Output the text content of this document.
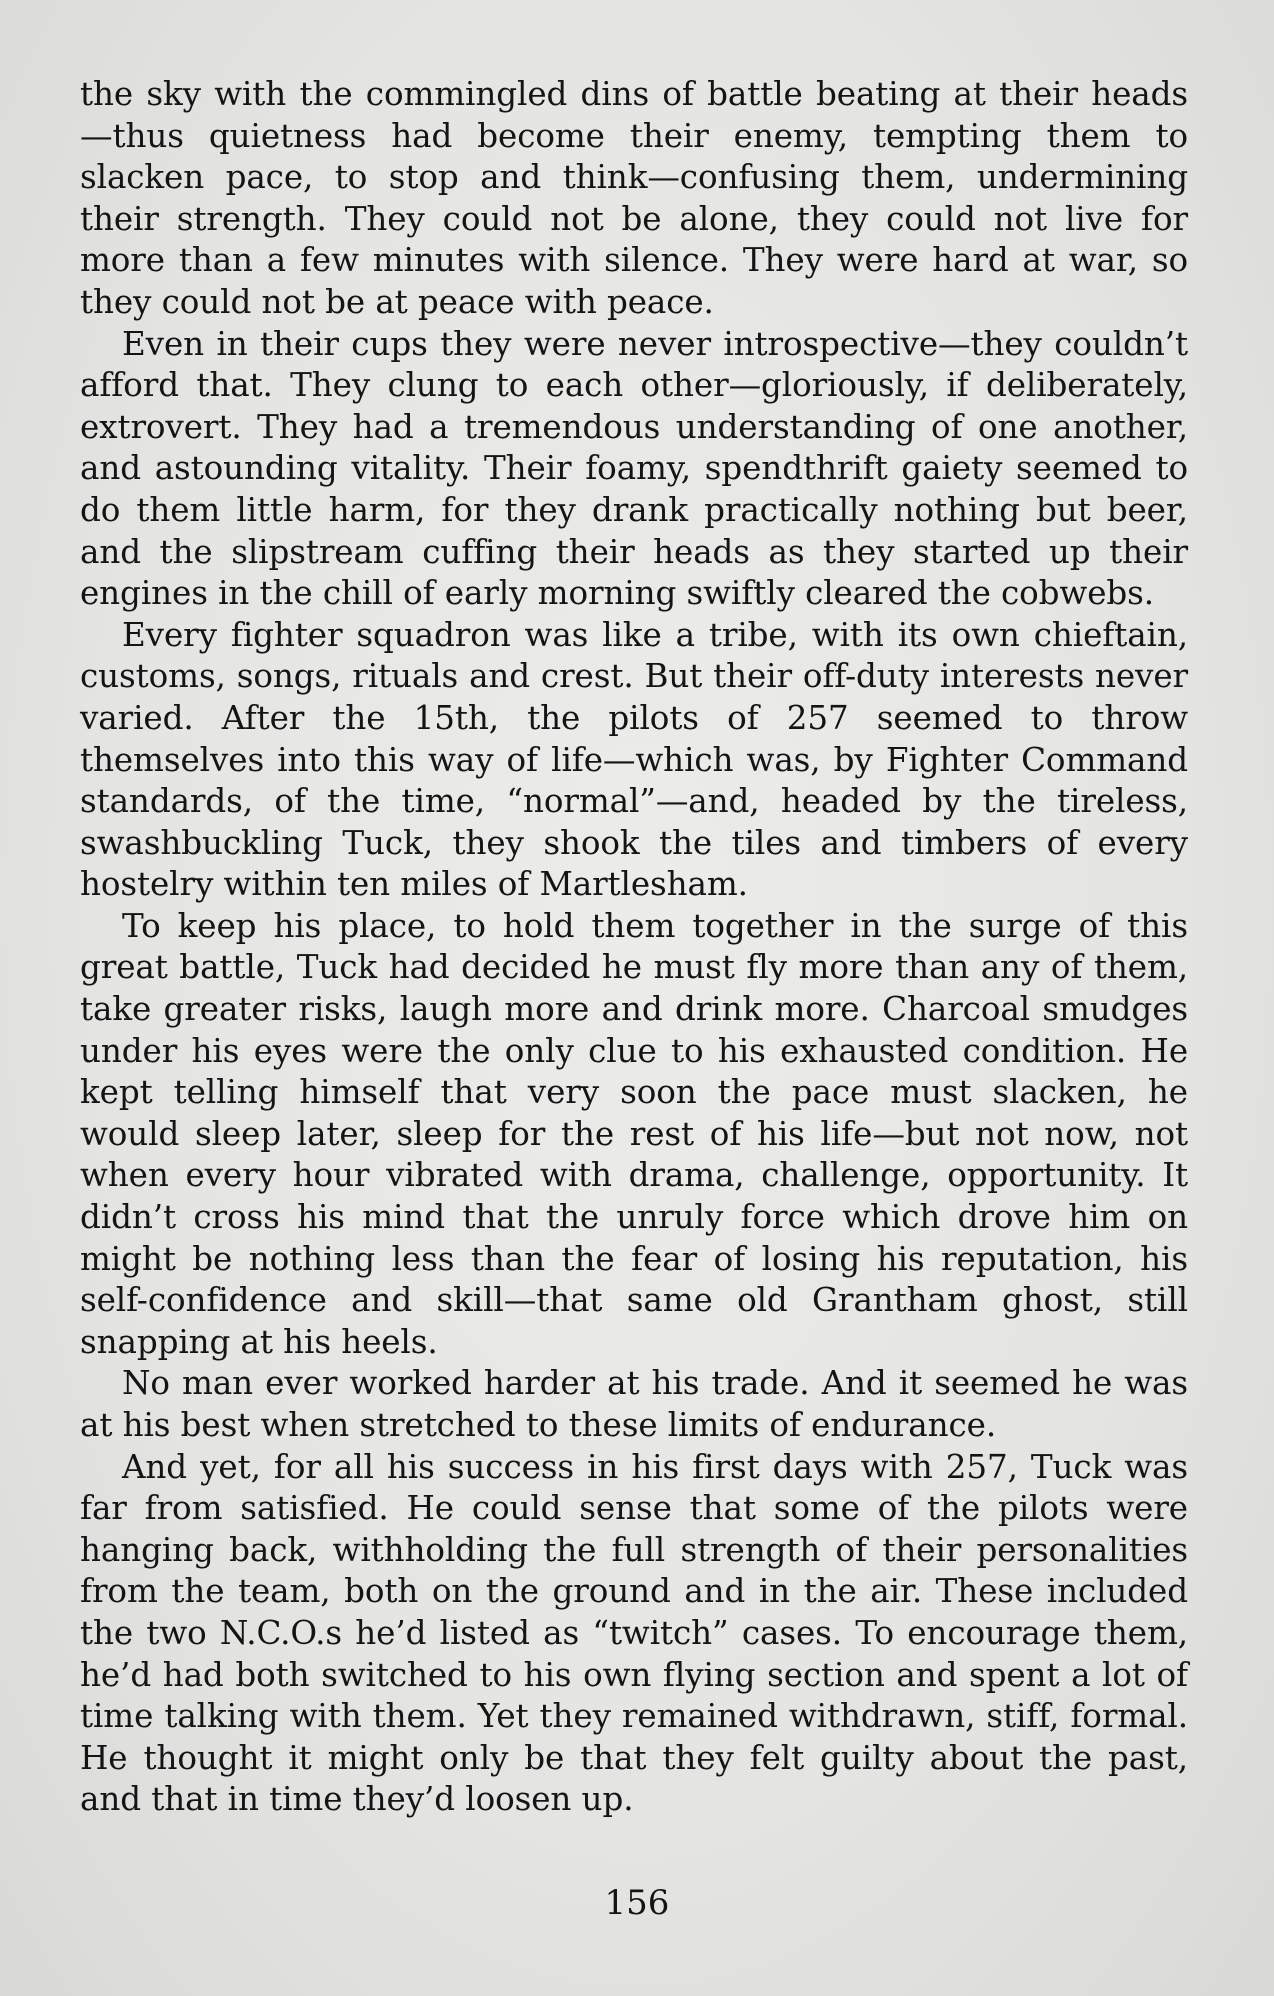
the sky with the commingled dins of battle beating at their heads —thus quietness had become their enemy, tempting them to slacken pace, to stop and think—confusing them, undermining their strength. They could not be alone, they could not live for more than a few minutes with silence. They were hard at war, so they could not be at peace with peace.

Even in their cups they were never introspective—they couldn’t afford that. They clung to each other—gloriously, if deliberately, extrovert. They had a tremendous understanding of one another, and astounding vitality. Their foamy, spendthrift gaiety seemed to do them little harm, for they drank practically nothing but beer, and the slipstream cuffing their heads as they started up their engines in the chill of early morning swiftly cleared the cobwebs.

Every fighter squadron was like a tribe, with its own chieftain, customs, songs, rituals and crest. But their off-duty interests never varied. After the 15th, the pilots of 257 seemed to throw themselves into this way of life—which was, by Fighter Command standards, of the time, “normal”—and, headed by the tireless, swashbuckling Tuck, they shook the tiles and timbers of every hostelry within ten miles of Martlesham.

To keep his place, to hold them together in the surge of this great battle, Tuck had decided he must fly more than any of them, take greater risks, laugh more and drink more. Charcoal smudges under his eyes were the only clue to his exhausted condition. He kept telling himself that very soon the pace must slacken, he would sleep later, sleep for the rest of his life—but not now, not when every hour vibrated with drama, challenge, opportunity. It didn’t cross his mind that the unruly force which drove him on might be nothing less than the fear of losing his reputation, his self-confidence and skill—that same old Grantham ghost, still snapping at his heels.

No man ever worked harder at his trade. And it seemed he was at his best when stretched to these limits of endurance.

And yet, for all his success in his first days with 257, Tuck was far from satisfied. He could sense that some of the pilots were hanging back, withholding the full strength of their personalities from the team, both on the ground and in the air. These included the two N.C.O.s he’d listed as “twitch” cases. To encourage them, he’d had both switched to his own flying section and spent a lot of time talking with them. Yet they remained withdrawn, stiff, formal. He thought it might only be that they felt guilty about the past, and that in time they’d loosen up.

156
